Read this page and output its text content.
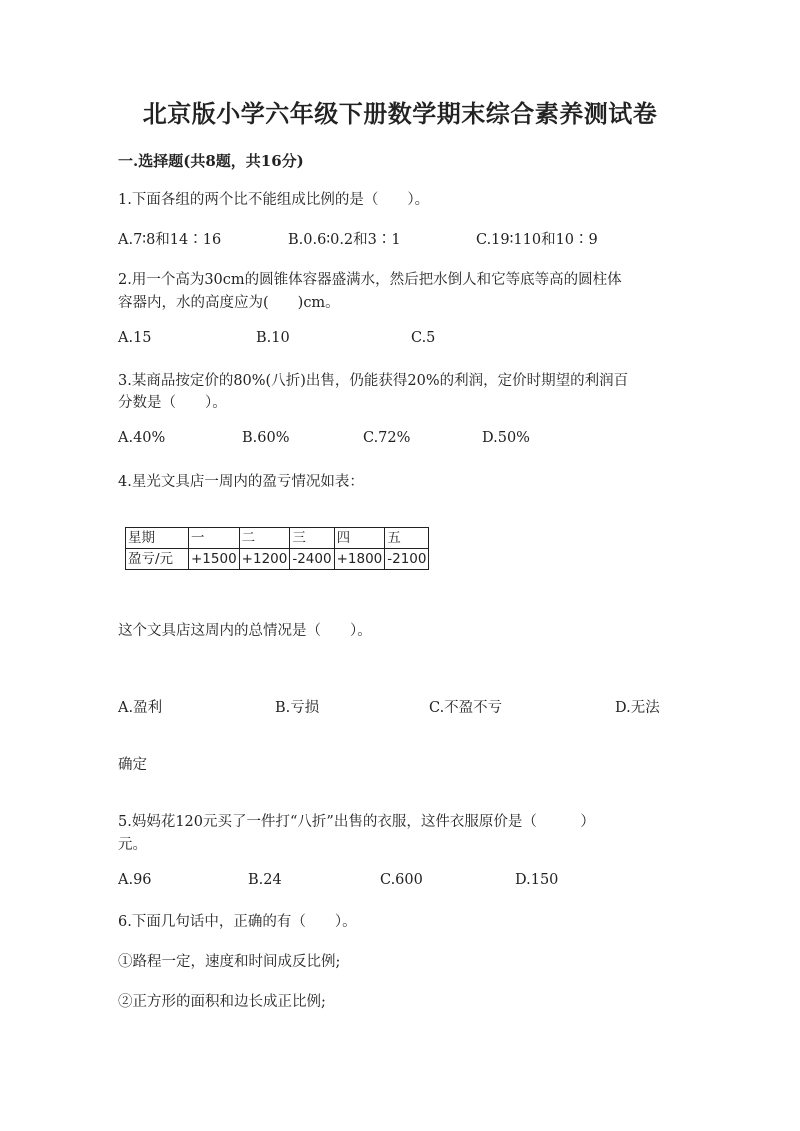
北京版小学六年级下册数学期末综合素养测试卷
一.选择题(共8题，共16分)
1.下面各组的两个比不能组成比例的是（　　）。
A.7∶8和14∶16	B.0.6∶0.2和3∶1	C.19∶110和10∶9
2.用一个高为30cm的圆锥体容器盛满水，然后把水倒人和它等底等高的圆柱体
容器内，水的高度应为(　　)cm。
A.15	B.10	C.5
3.某商品按定价的80%(八折)出售，仍能获得20%的利润，定价时期望的利润百
分数是（　　）。
A.40%	B.60%	C.72%	D.50%
4.星光文具店一周内的盈亏情况如表：
星期	一	二	三	四	五
盈亏/元	+1500	+1200	-2400	+1800	-2100
这个文具店这周内的总情况是（　　）。
A.盈利	B.亏损	C.不盈不亏	D.无法
确定
5.妈妈花120元买了一件打“八折”出售的衣服，这件衣服原价是（　　　）
元。
A.96	B.24	C.600	D.150
6.下面几句话中，正确的有（　　）。
①路程一定，速度和时间成反比例;
②正方形的面积和边长成正比例;
